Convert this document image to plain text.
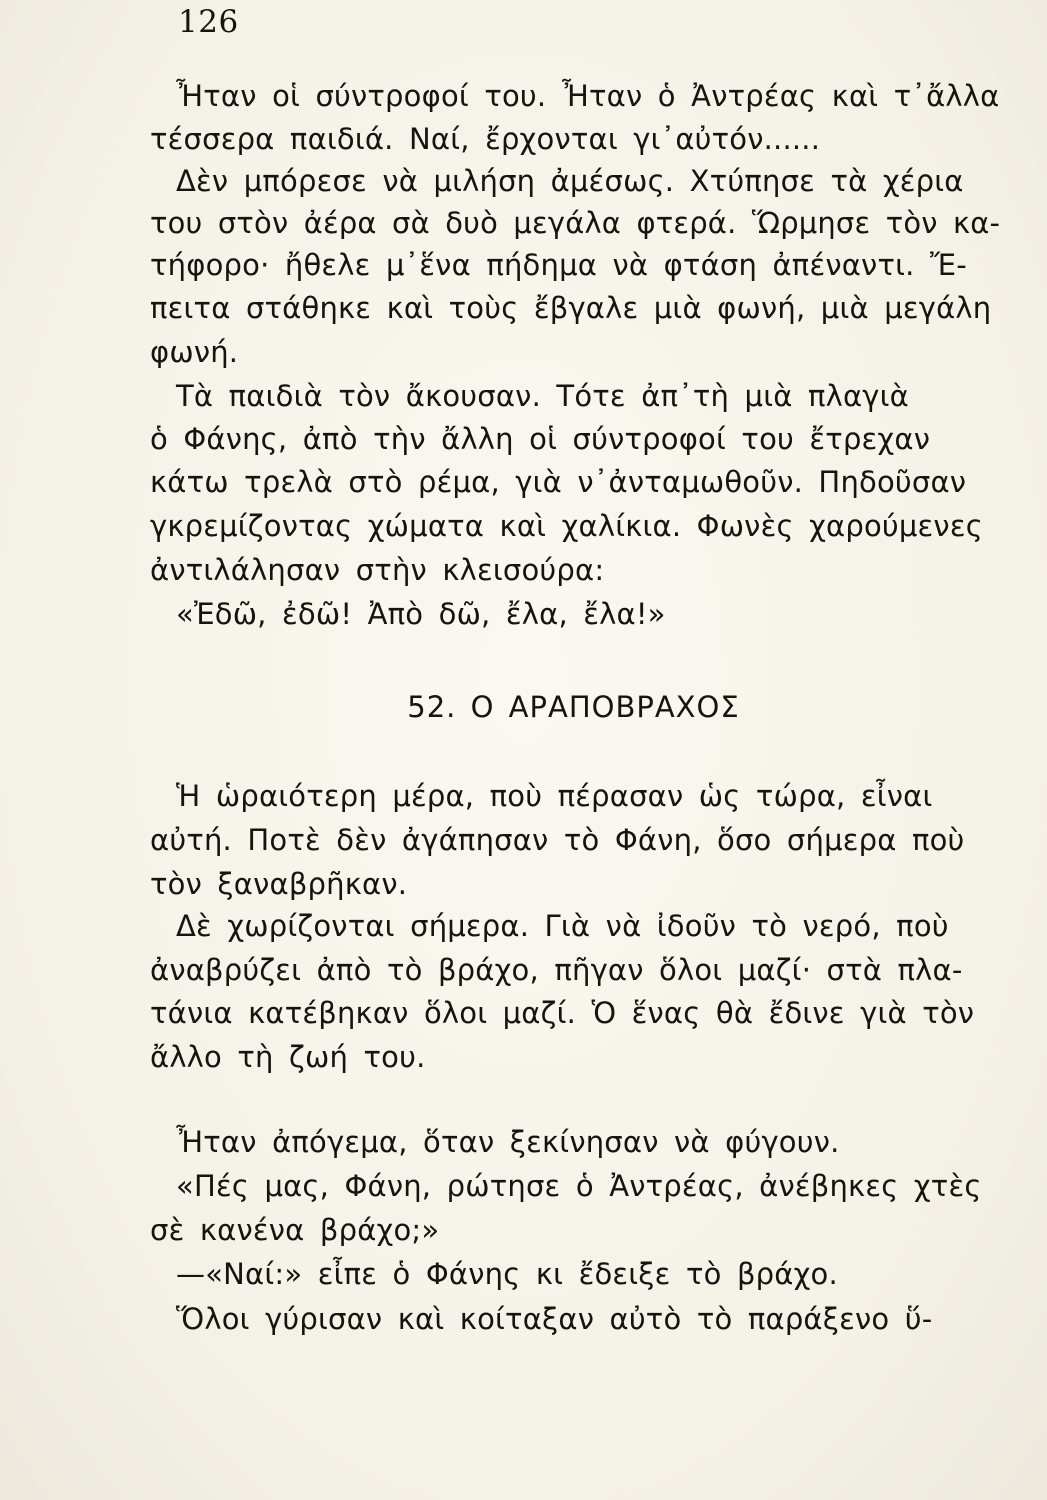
126
Ἦταν οἱ σύντροφοί του. Ἦταν ὁ Ἀντρέας καὶ τ᾽ἄλλα
τέσσερα παιδιά. Ναί, ἔρχονται γι᾽αὐτόν......
Δὲν μπόρεσε νὰ μιλήση ἀμέσως. Χτύπησε τὰ χέρια
του στὸν ἀέρα σὰ δυὸ μεγάλα φτερά. Ὥρμησε τὸν κα-
τήφορο· ἤθελε μ᾽ἕνα πήδημα νὰ φτάση ἀπέναντι. Ἔ-
πειτα στάθηκε καὶ τοὺς ἔβγαλε μιὰ φωνή, μιὰ μεγάλη
φωνή.
Τὰ παιδιὰ τὸν ἄκουσαν. Τότε ἀπ᾽τὴ μιὰ πλαγιὰ
ὁ Φάνης, ἀπὸ τὴν ἄλλη οἱ σύντροφοί του ἔτρεχαν
κάτω τρελὰ στὸ ρέμα, γιὰ ν᾽ἀνταμωθοῦν. Πηδοῦσαν
γκρεμίζοντας χώματα καὶ χαλίκια. Φωνὲς χαρούμενες
ἀντιλάλησαν στὴν κλεισούρα:
«Ἐδῶ, ἐδῶ! Ἀπὸ δῶ, ἔλα, ἔλα!»
52. Ο ΑΡΑΠΟΒΡΑΧΟΣ
Ἡ ὡραιότερη μέρα, ποὺ πέρασαν ὡς τώρα, εἶναι
αὐτή. Ποτὲ δὲν ἀγάπησαν τὸ Φάνη, ὅσο σήμερα ποὺ
τὸν ξαναβρῆκαν.
Δὲ χωρίζονται σήμερα. Γιὰ νὰ ἰδοῦν τὸ νερό, ποὺ
ἀναβρύζει ἀπὸ τὸ βράχο, πῆγαν ὅλοι μαζί· στὰ πλα-
τάνια κατέβηκαν ὅλοι μαζί. Ὁ ἕνας θὰ ἔδινε γιὰ τὸν
ἄλλο τὴ ζωή του.
Ἦταν ἀπόγεμα, ὅταν ξεκίνησαν νὰ φύγουν.
«Πές μας, Φάνη, ρώτησε ὁ Ἀντρέας, ἀνέβηκες χτὲς
σὲ κανένα βράχο;»
—«Ναί:» εἶπε ὁ Φάνης κι ἔδειξε τὸ βράχο.
Ὅλοι γύρισαν καὶ κοίταξαν αὐτὸ τὸ παράξενο ὕ-
